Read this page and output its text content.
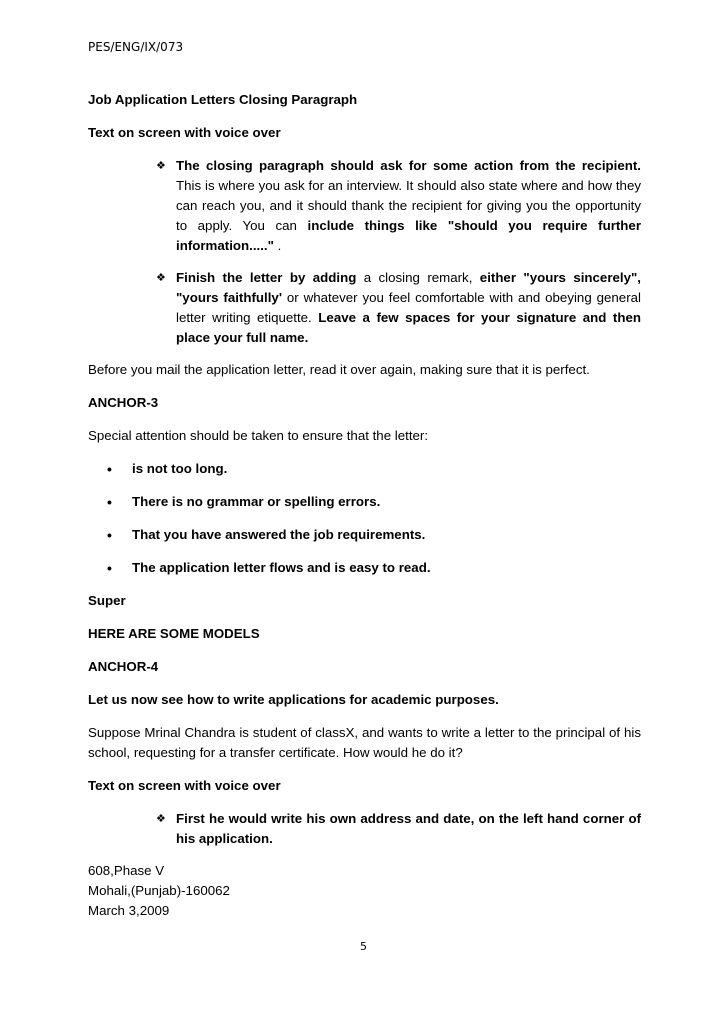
PES/ENG/IX/073
Job Application Letters Closing Paragraph
Text on screen with voice over
❖ The closing paragraph should ask for some action from the recipient. This is where you ask for an interview. It should also state where and how they can reach you, and it should thank the recipient for giving you the opportunity to apply. You can include things like "should you require further information....." .
❖ Finish the letter by adding a closing remark, either "yours sincerely", "yours faithfully' or whatever you feel comfortable with and obeying general letter writing etiquette. Leave a few spaces for your signature and then place your full name.
Before you mail the application letter, read it over again, making sure that it is perfect.
ANCHOR-3
Special attention should be taken to ensure that the letter:
• is not too long.
• There is no grammar or spelling errors.
• That you have answered the job requirements.
• The application letter flows and is easy to read.
Super
HERE ARE SOME MODELS
ANCHOR-4
Let us now see how to write applications for academic purposes.
Suppose Mrinal Chandra is student of classX, and wants to write a letter to the principal of his school, requesting for a transfer certificate. How would he do it?
Text on screen with voice over
❖ First he would write his own address and date, on the left hand corner of his application.
608,Phase V
Mohali,(Punjab)-160062
March 3,2009
5
